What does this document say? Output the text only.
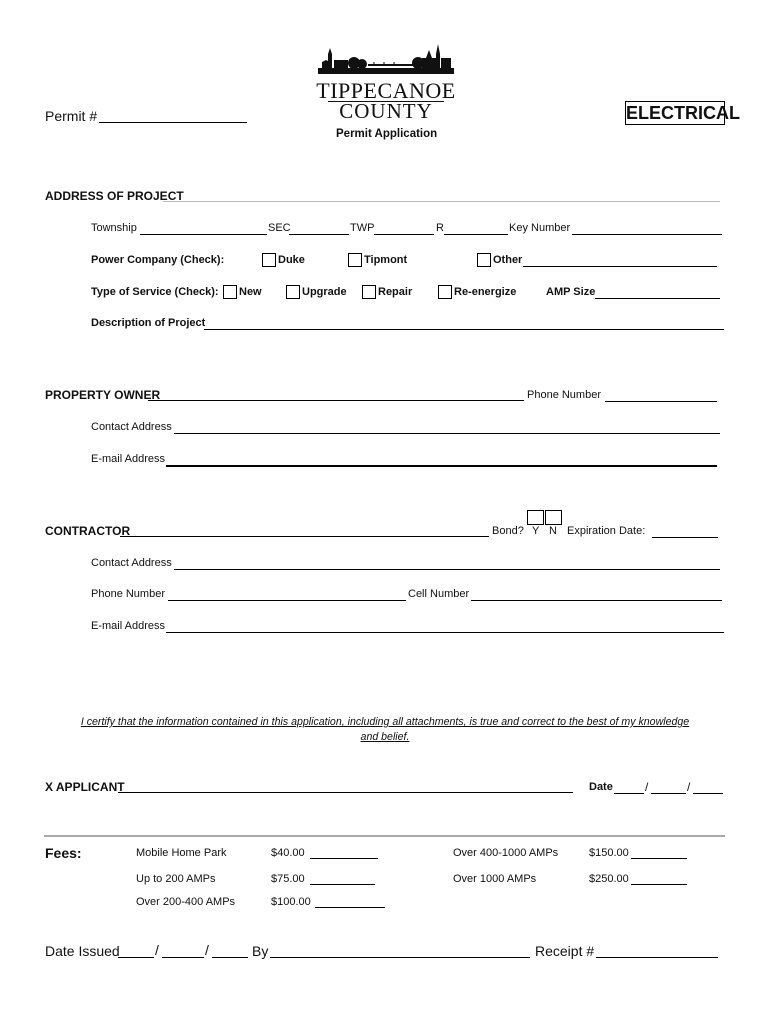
Permit #
TIPPECANOE
COUNTY
Permit Application
ELECTRICAL
ADDRESS OF PROJECT
Township	SEC	TWP	R	Key Number
Power Company (Check):	Duke	Tipmont	Other
Type of Service (Check): New	Upgrade	Repair	Re-energize	AMP Size
Description of Project
PROPERTY OWNER	Phone Number
Contact Address
E-mail Address
CONTRACTOR	Bond? Y N Expiration Date:
Contact Address
Phone Number	Cell Number
E-mail Address
I certify that the information contained in this application, including all attachments, is true and correct to the best of my knowledge
and belief.
X APPLICANT	Date	/	/
Fees:	Mobile Home Park	$40.00
Up to 200 AMPs	$75.00
Over 200-400 AMPs	$100.00
Over 400-1000 AMPs	$150.00
Over 1000 AMPs	$250.00
Date Issued	/	/	By	Receipt #
